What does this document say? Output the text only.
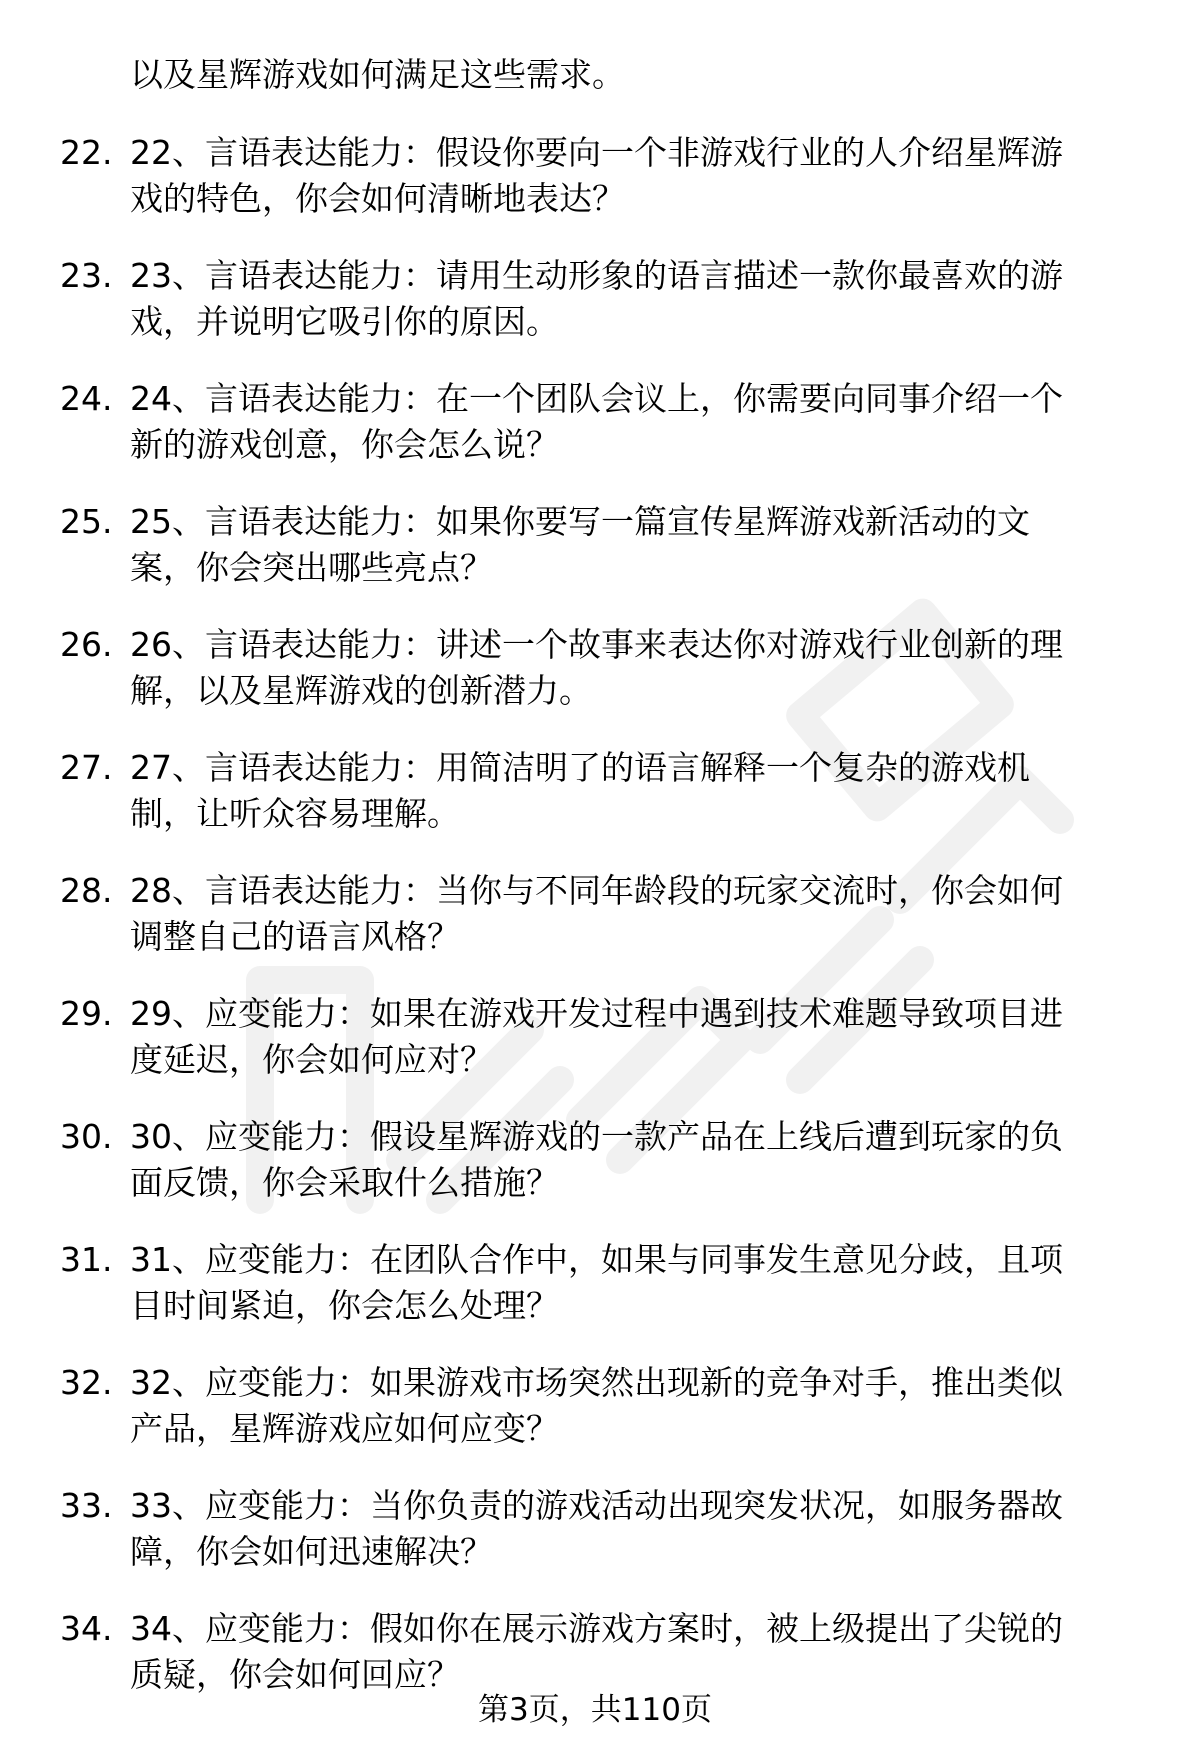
以及星辉游戏如何满足这些需求。
22. 22、言语表达能力：假设你要向一个非游戏行业的人介绍星辉游
戏的特色，你会如何清晰地表达？
23. 23、言语表达能力：请用生动形象的语言描述一款你最喜欢的游
戏，并说明它吸引你的原因。
24. 24、言语表达能力：在一个团队会议上，你需要向同事介绍一个
新的游戏创意，你会怎么说？
25. 25、言语表达能力：如果你要写一篇宣传星辉游戏新活动的文
案，你会突出哪些亮点？
26. 26、言语表达能力：讲述一个故事来表达你对游戏行业创新的理
解，以及星辉游戏的创新潜力。
27. 27、言语表达能力：用简洁明了的语言解释一个复杂的游戏机
制，让听众容易理解。
28. 28、言语表达能力：当你与不同年龄段的玩家交流时，你会如何
调整自己的语言风格？
29. 29、应变能力：如果在游戏开发过程中遇到技术难题导致项目进
度延迟，你会如何应对？
30. 30、应变能力：假设星辉游戏的一款产品在上线后遭到玩家的负
面反馈，你会采取什么措施？
31. 31、应变能力：在团队合作中，如果与同事发生意见分歧，且项
目时间紧迫，你会怎么处理？
32. 32、应变能力：如果游戏市场突然出现新的竞争对手，推出类似
产品，星辉游戏应如何应变？
33. 33、应变能力：当你负责的游戏活动出现突发状况，如服务器故
障，你会如何迅速解决？
34. 34、应变能力：假如你在展示游戏方案时，被上级提出了尖锐的
质疑，你会如何回应？
第3页，共110页
